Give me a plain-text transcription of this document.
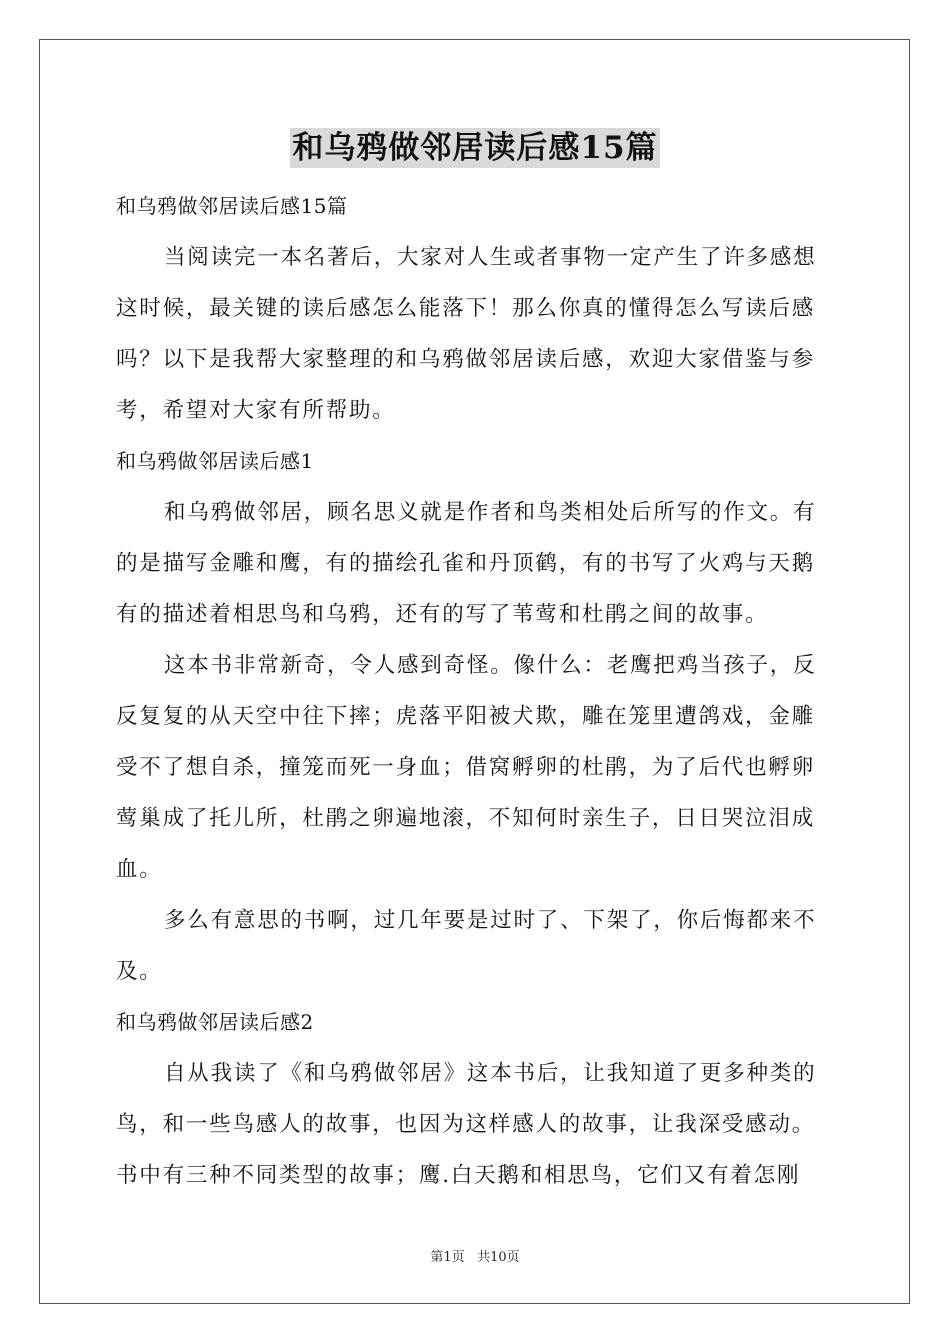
和乌鸦做邻居读后感15篇
和乌鸦做邻居读后感15篇
当阅读完一本名著后，大家对人生或者事物一定产生了许多感想
这时候，最关键的读后感怎么能落下！那么你真的懂得怎么写读后感
吗？以下是我帮大家整理的和乌鸦做邻居读后感，欢迎大家借鉴与参
考，希望对大家有所帮助。
和乌鸦做邻居读后感1
和乌鸦做邻居，顾名思义就是作者和鸟类相处后所写的作文。有
的是描写金雕和鹰，有的描绘孔雀和丹顶鹤，有的书写了火鸡与天鹅
有的描述着相思鸟和乌鸦，还有的写了苇莺和杜鹃之间的故事。
这本书非常新奇，令人感到奇怪。像什么：老鹰把鸡当孩子，反
反复复的从天空中往下摔；虎落平阳被犬欺，雕在笼里遭鸽戏，金雕
受不了想自杀，撞笼而死一身血；借窝孵卵的杜鹃，为了后代也孵卵
莺巢成了托儿所，杜鹃之卵遍地滚，不知何时亲生子，日日哭泣泪成
血。
多么有意思的书啊，过几年要是过时了、下架了，你后悔都来不
及。
和乌鸦做邻居读后感2
自从我读了《和乌鸦做邻居》这本书后，让我知道了更多种类的
鸟，和一些鸟感人的故事，也因为这样感人的故事，让我深受感动。
书中有三种不同类型的故事；鹰.白天鹅和相思鸟，它们又有着怎刚
第1页 共10页
